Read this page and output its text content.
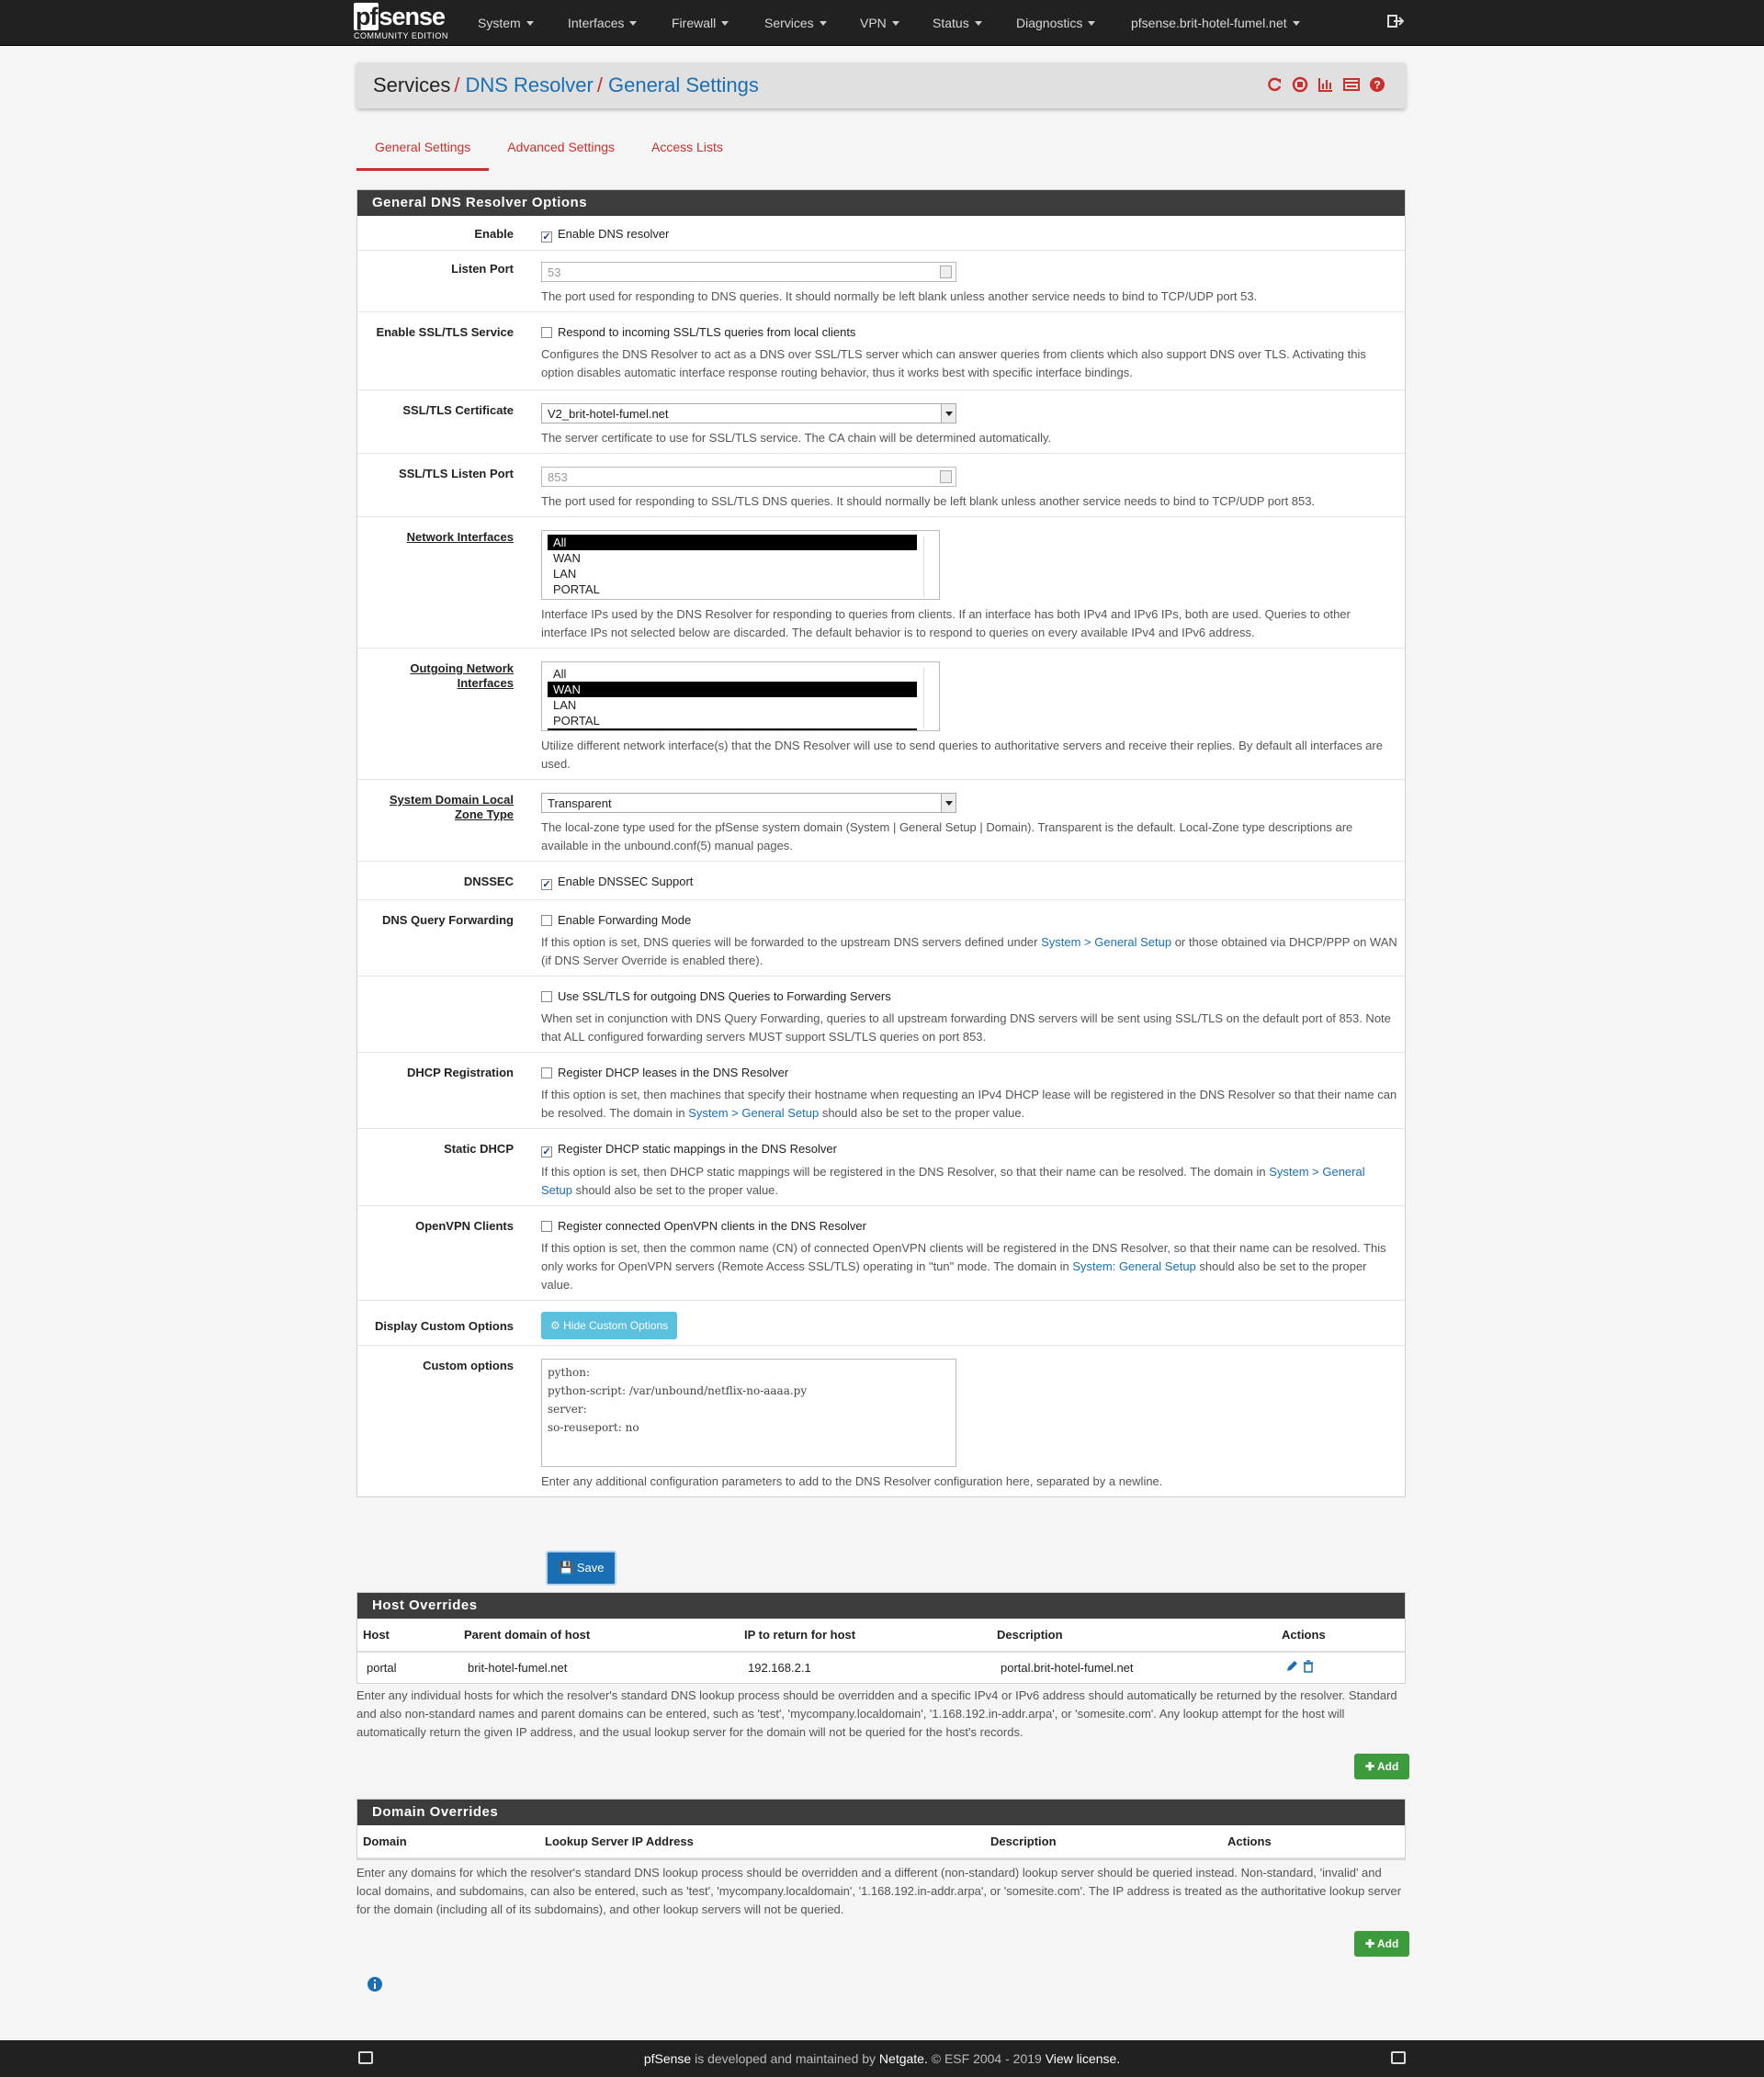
pfsense
COMMUNITY EDITION
System	Interfaces	Firewall	Services	VPN	Status	Diagnostics	pfsense.brit-hotel-fumel.net
Services / DNS Resolver / General Settings	?
General Settings	Advanced Settings	Access Lists
General DNS Resolver Options
Enable	✓ Enable DNS resolver
Listen Port	53
The port used for responding to DNS queries. It should normally be left blank unless another service needs to bind to TCP/UDP port 53.
Enable SSL/TLS Service	Respond to incoming SSL/TLS queries from local clients
Configures the DNS Resolver to act as a DNS over SSL/TLS server which can answer queries from clients which also support DNS over TLS. Activating this option disables automatic interface response routing behavior, thus it works best with specific interface bindings.
SSL/TLS Certificate	V2_brit-hotel-fumel.net
The server certificate to use for SSL/TLS service. The CA chain will be determined automatically.
SSL/TLS Listen Port	853
The port used for responding to SSL/TLS DNS queries. It should normally be left blank unless another service needs to bind to TCP/UDP port 853.
Network Interfaces	All
WAN
LAN
PORTAL
Interface IPs used by the DNS Resolver for responding to queries from clients. If an interface has both IPv4 and IPv6 IPs, both are used. Queries to other interface IPs not selected below are discarded. The default behavior is to respond to queries on every available IPv4 and IPv6 address.
Outgoing Network
Interfaces
All
WAN
LAN
PORTAL
Utilize different network interface(s) that the DNS Resolver will use to send queries to authoritative servers and receive their replies. By default all interfaces are used.
System Domain Local
Zone Type
Transparent
The local-zone type used for the pfSense system domain (System | General Setup | Domain). Transparent is the default. Local-Zone type descriptions are available in the unbound.conf(5) manual pages.
DNSSEC	✓ Enable DNSSEC Support
DNS Query Forwarding	Enable Forwarding Mode
If this option is set, DNS queries will be forwarded to the upstream DNS servers defined under System > General Setup or those obtained via DHCP/PPP on WAN (if DNS Server Override is enabled there).
Use SSL/TLS for outgoing DNS Queries to Forwarding Servers
When set in conjunction with DNS Query Forwarding, queries to all upstream forwarding DNS servers will be sent using SSL/TLS on the default port of 853. Note that ALL configured forwarding servers MUST support SSL/TLS queries on port 853.
DHCP Registration	Register DHCP leases in the DNS Resolver
If this option is set, then machines that specify their hostname when requesting an IPv4 DHCP lease will be registered in the DNS Resolver so that their name can be resolved. The domain in System > General Setup should also be set to the proper value.
Static DHCP	✓ Register DHCP static mappings in the DNS Resolver
If this option is set, then DHCP static mappings will be registered in the DNS Resolver, so that their name can be resolved. The domain in System > General Setup should also be set to the proper value.
OpenVPN Clients	Register connected OpenVPN clients in the DNS Resolver
If this option is set, then the common name (CN) of connected OpenVPN clients will be registered in the DNS Resolver, so that their name can be resolved. This only works for OpenVPN servers (Remote Access SSL/TLS) operating in "tun" mode. The domain in System: General Setup should also be set to the proper value.
Display Custom Options	⚙ Hide Custom Options
Custom options	python:
python-script: /var/unbound/netflix-no-aaaa.py
server:
so-reuseport: no
Enter any additional configuration parameters to add to the DNS Resolver configuration here, separated by a newline.
💾 Save
Host Overrides
Host	Parent domain of host	IP to return for host	Description	Actions
portal	brit-hotel-fumel.net	192.168.2.1	portal.brit-hotel-fumel.net	
Enter any individual hosts for which the resolver's standard DNS lookup process should be overridden and a specific IPv4 or IPv6 address should automatically be returned by the resolver. Standard and also non-standard names and parent domains can be entered, such as 'test', 'mycompany.localdomain', '1.168.192.in-addr.arpa', or 'somesite.com'. Any lookup attempt for the host will automatically return the given IP address, and the usual lookup server for the domain will not be queried for the host's records.
✚ Add
Domain Overrides
Domain	Lookup Server IP Address	Description	Actions
Enter any domains for which the resolver's standard DNS lookup process should be overridden and a different (non-standard) lookup server should be queried instead. Non-standard, 'invalid' and local domains, and subdomains, can also be entered, such as 'test', 'mycompany.localdomain', '1.168.192.in-addr.arpa', or 'somesite.com'. The IP address is treated as the authoritative lookup server for the domain (including all of its subdomains), and other lookup servers will not be queried.
✚ Add
pfSense is developed and maintained by Netgate. © ESF 2004 - 2019 View license.
